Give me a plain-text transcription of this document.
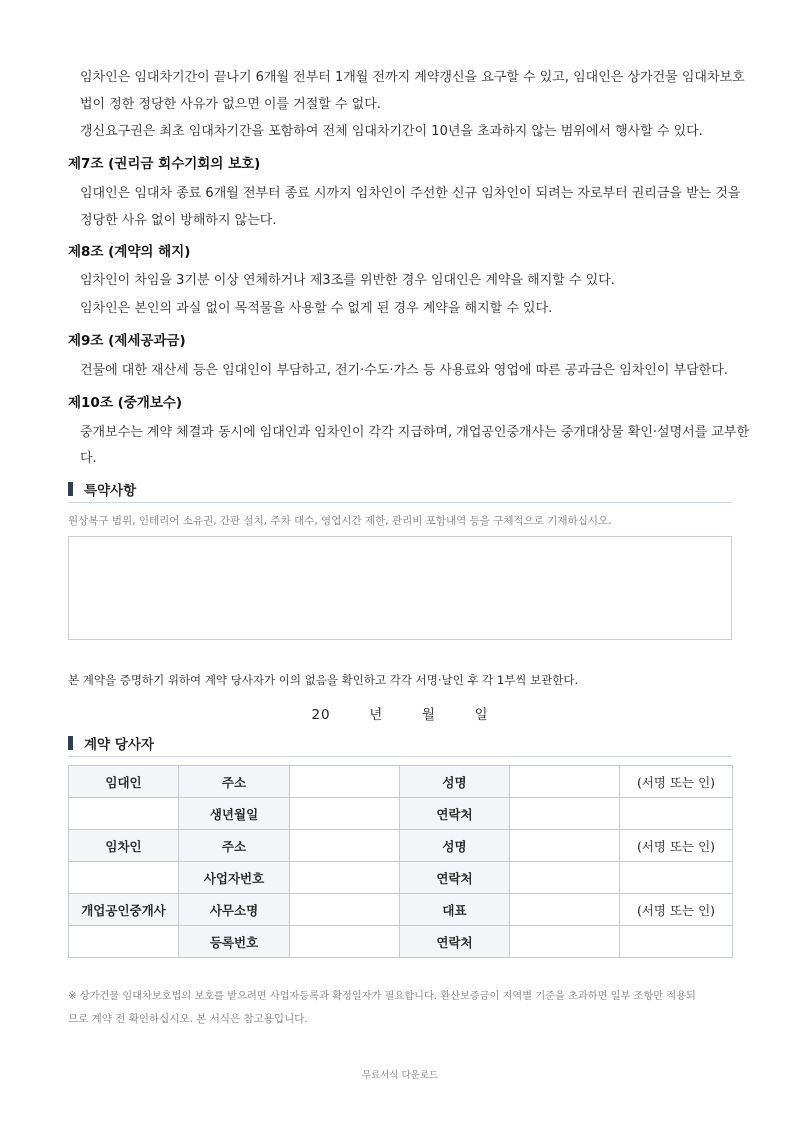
임차인은 임대차기간이 끝나기 6개월 전부터 1개월 전까지 계약갱신을 요구할 수 있고, 임대인은 상가건물 임대차보호

법이 정한 정당한 사유가 없으면 이를 거절할 수 없다.

갱신요구권은 최초 임대차기간을 포함하여 전체 임대차기간이 10년을 초과하지 않는 범위에서 행사할 수 있다.

제7조 (권리금 회수기회의 보호)

임대인은 임대차 종료 6개월 전부터 종료 시까지 임차인이 주선한 신규 임차인이 되려는 자로부터 권리금을 받는 것을

정당한 사유 없이 방해하지 않는다.

제8조 (계약의 해지)

임차인이 차임을 3기분 이상 연체하거나 제3조를 위반한 경우 임대인은 계약을 해지할 수 있다.

임차인은 본인의 과실 없이 목적물을 사용할 수 없게 된 경우 계약을 해지할 수 있다.

제9조 (제세공과금)

건물에 대한 재산세 등은 임대인이 부담하고, 전기·수도·가스 등 사용료와 영업에 따른 공과금은 임차인이 부담한다.

제10조 (중개보수)

중개보수는 계약 체결과 동시에 임대인과 임차인이 각각 지급하며, 개업공인중개사는 중개대상물 확인·설명서를 교부한

다.

특약사항

원상복구 범위, 인테리어 소유권, 간판 설치, 주차 대수, 영업시간 제한, 관리비 포함내역 등을 구체적으로 기재하십시오.

본 계약을 증명하기 위하여 계약 당사자가 이의 없음을 확인하고 각각 서명·날인 후 각 1부씩 보관한다.

20	년	월	일
계약 당사자
임대인	주소		성명		(서명 또는 인)
	생년월일		연락처		
임차인	주소		성명		(서명 또는 인)
	사업자번호		연락처		
개업공인중개사	사무소명		대표		(서명 또는 인)
	등록번호		연락처		

※ 상가건물 임대차보호법의 보호를 받으려면 사업자등록과 확정일자가 필요합니다. 환산보증금이 지역별 기준을 초과하면 일부 조항만 적용되

므로 계약 전 확인하십시오. 본 서식은 참고용입니다.

무료서식 다운로드
